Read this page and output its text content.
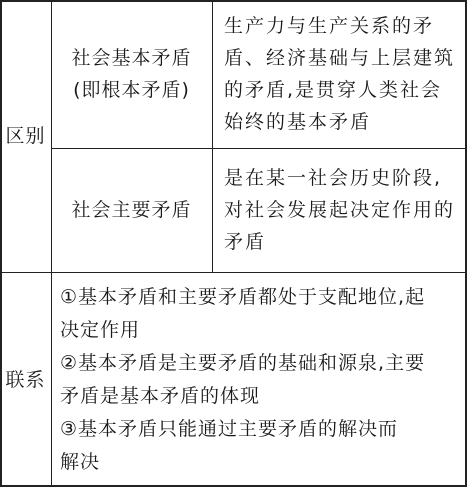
区别
联系
社会基本矛盾
(即根本矛盾)
生产力与生产关系的矛
盾、经济基础与上层建筑
的矛盾,是贯穿人类社会
始终的基本矛盾
社会主要矛盾
是在某一社会历史阶段,
对社会发展起决定作用的
矛盾
①基本矛盾和主要矛盾都处于支配地位,起
决定作用
②基本矛盾是主要矛盾的基础和源泉,主要
矛盾是基本矛盾的体现
③基本矛盾只能通过主要矛盾的解决而
解决
